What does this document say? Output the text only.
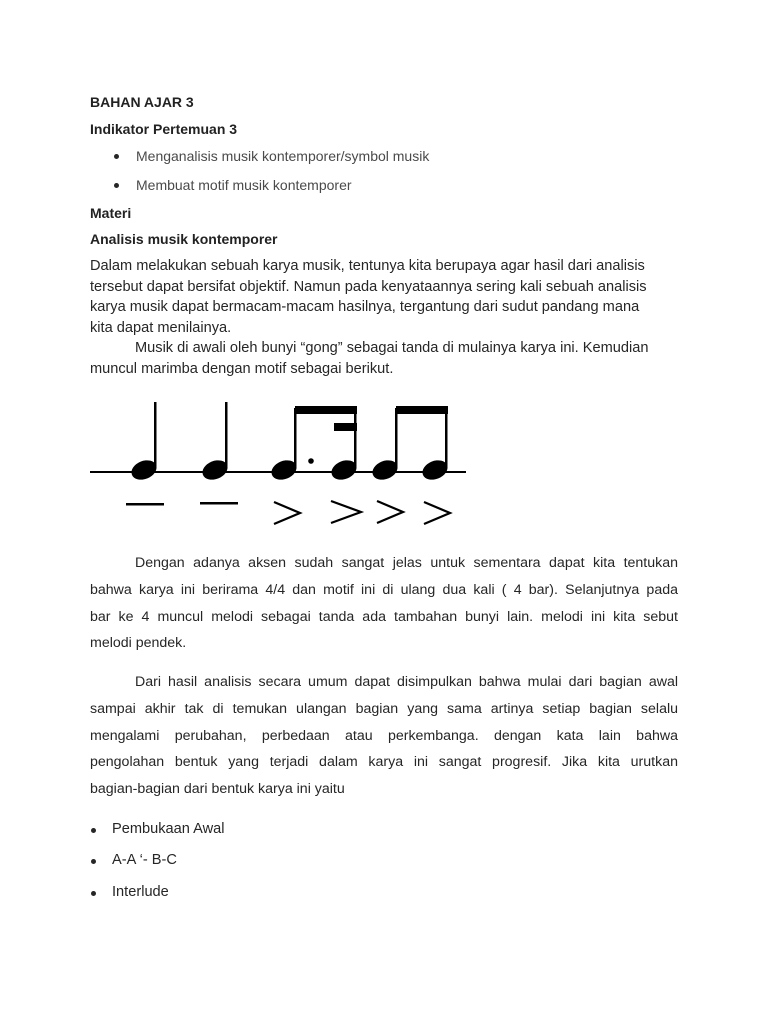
BAHAN AJAR 3
Indikator Pertemuan 3
Menganalisis musik kontemporer/symbol musik
Membuat motif musik kontemporer
Materi
Analisis musik kontemporer
Dalam melakukan sebuah karya musik, tentunya kita berupaya agar hasil dari analisis
tersebut dapat bersifat objektif. Namun pada kenyataannya sering kali sebuah analisis
karya musik dapat bermacam-macam hasilnya, tergantung dari sudut pandang mana
kita dapat menilainya.
Musik di awali oleh bunyi “gong” sebagai tanda di mulainya karya ini. Kemudian
muncul marimba dengan motif sebagai berikut.
Dengan adanya aksen sudah sangat jelas untuk sementara dapat kita tentukan
bahwa karya ini berirama 4/4 dan motif ini di ulang dua kali ( 4 bar). Selanjutnya pada
bar ke 4 muncul melodi sebagai tanda ada tambahan bunyi lain. melodi ini kita sebut
melodi pendek.
Dari hasil analisis secara umum dapat disimpulkan bahwa mulai dari bagian awal
sampai akhir tak di temukan ulangan bagian yang sama artinya setiap bagian selalu
mengalami perubahan, perbedaan atau perkembanga. dengan kata lain bahwa
pengolahan bentuk yang terjadi dalam karya ini sangat progresif. Jika kita urutkan
bagian-bagian dari bentuk karya ini yaitu
Pembukaan Awal
A-A ‘- B-C
Interlude
